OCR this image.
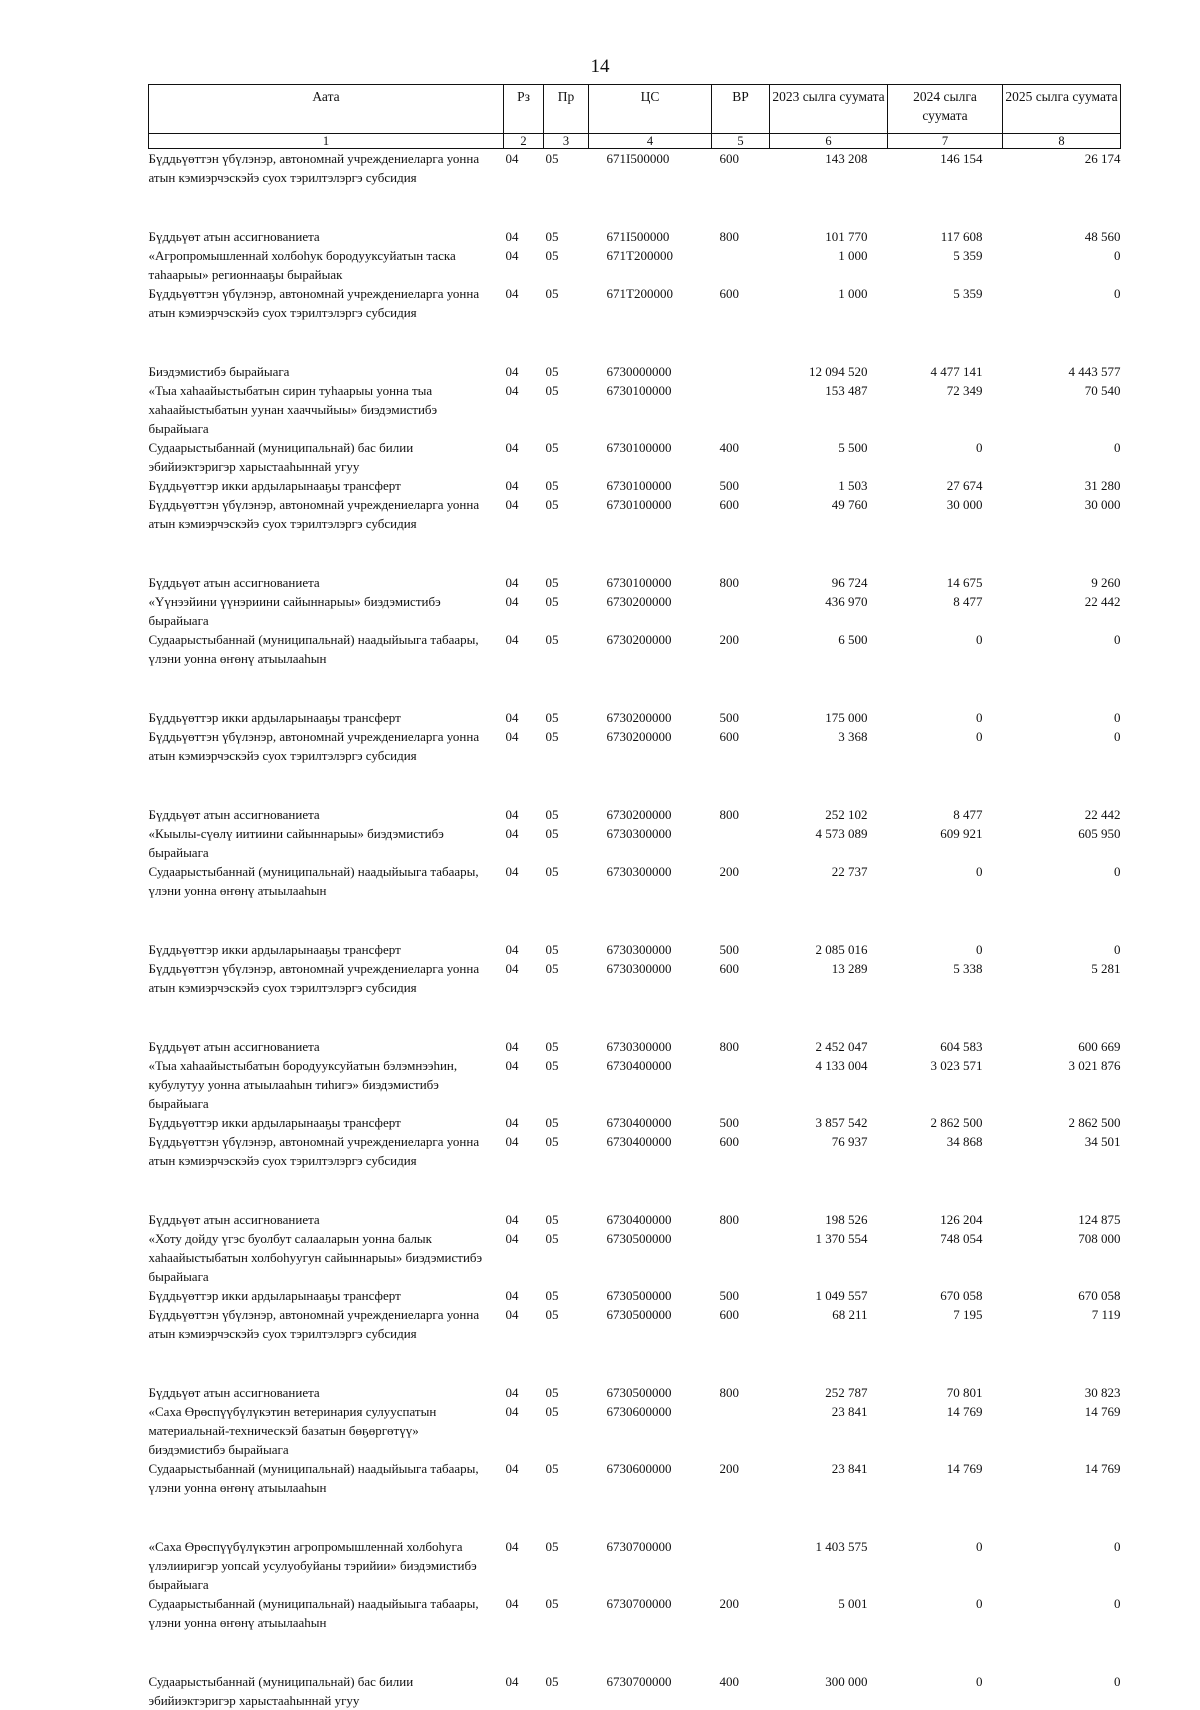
14
Аата	Рз	Пр	ЦС	ВР	2023 сылга суумата	2024 сылга суумата	2025 сылга суумата
1	2	3	4	5	6	7	8
Бүддьүөттэн үбүлэнэр, автономнай учреждениеларга уонна атын кэмиэрчэскэйэ суох тэрилтэлэргэ субсидия	04	05	671I500000	600	143 208	146 154	26 174

Бүддьүөт атын ассигнованиета	04	05	671I500000	800	101 770	117 608	48 560
«Агропромышленнай холбоһук бородууксуйатын таска таһаарыы» регионнааҕы бырайыак	04	05	671T200000		1 000	5 359	0
Бүддьүөттэн үбүлэнэр, автономнай учреждениеларга уонна атын кэмиэрчэскэйэ суох тэрилтэлэргэ субсидия	04	05	671T200000	600	1 000	5 359	0

Биэдэмистибэ бырайыага	04	05	6730000000		12 094 520	4 477 141	4 443 577
«Тыа хаһаайыстыбатын сирин туһаарыы уонна тыа хаһаайыстыбатын уунан хааччыйыы» биэдэмистибэ бырайыага	04	05	6730100000		153 487	72 349	70 540
Судаарыстыбаннай (муниципальнай) бас билии эбийиэктэригэр харыстааһыннай угуу	04	05	6730100000	400	5 500	0	0
Бүддьүөттэр икки ардыларынааҕы трансферт	04	05	6730100000	500	1 503	27 674	31 280
Бүддьүөттэн үбүлэнэр, автономнай учреждениеларга уонна атын кэмиэрчэскэйэ суох тэрилтэлэргэ субсидия	04	05	6730100000	600	49 760	30 000	30 000

Бүддьүөт атын ассигнованиета	04	05	6730100000	800	96 724	14 675	9 260
«Үүнээйини үүнэриини сайыннарыы» биэдэмистибэ бырайыага	04	05	6730200000		436 970	8 477	22 442
Судаарыстыбаннай (муниципальнай) наадыйыыга табаары, үлэни уонна өҥөнү атыылааһын	04	05	6730200000	200	6 500	0	0

Бүддьүөттэр икки ардыларынааҕы трансферт	04	05	6730200000	500	175 000	0	0
Бүддьүөттэн үбүлэнэр, автономнай учреждениеларга уонна атын кэмиэрчэскэйэ суох тэрилтэлэргэ субсидия	04	05	6730200000	600	3 368	0	0

Бүддьүөт атын ассигнованиета	04	05	6730200000	800	252 102	8 477	22 442
«Кыылы-сүөлү иитиини сайыннарыы» биэдэмистибэ бырайыага	04	05	6730300000		4 573 089	609 921	605 950
Судаарыстыбаннай (муниципальнай) наадыйыыга табаары, үлэни уонна өҥөнү атыылааһын	04	05	6730300000	200	22 737	0	0

Бүддьүөттэр икки ардыларынааҕы трансферт	04	05	6730300000	500	2 085 016	0	0
Бүддьүөттэн үбүлэнэр, автономнай учреждениеларга уонна атын кэмиэрчэскэйэ суох тэрилтэлэргэ субсидия	04	05	6730300000	600	13 289	5 338	5 281

Бүддьүөт атын ассигнованиета	04	05	6730300000	800	2 452 047	604 583	600 669
«Тыа хаһаайыстыбатын бородууксуйатын бэлэмнээһин, кубулутуу уонна атыылааһын тиһигэ» биэдэмистибэ бырайыага	04	05	6730400000		4 133 004	3 023 571	3 021 876
Бүддьүөттэр икки ардыларынааҕы трансферт	04	05	6730400000	500	3 857 542	2 862 500	2 862 500
Бүддьүөттэн үбүлэнэр, автономнай учреждениеларга уонна атын кэмиэрчэскэйэ суох тэрилтэлэргэ субсидия	04	05	6730400000	600	76 937	34 868	34 501

Бүддьүөт атын ассигнованиета	04	05	6730400000	800	198 526	126 204	124 875
«Хоту дойду үгэс буолбут салааларын уонна балык хаһаайыстыбатын холбоһуугун сайыннарыы» биэдэмистибэ бырайыага	04	05	6730500000		1 370 554	748 054	708 000
Бүддьүөттэр икки ардыларынааҕы трансферт	04	05	6730500000	500	1 049 557	670 058	670 058
Бүддьүөттэн үбүлэнэр, автономнай учреждениеларга уонна атын кэмиэрчэскэйэ суох тэрилтэлэргэ субсидия	04	05	6730500000	600	68 211	7 195	7 119

Бүддьүөт атын ассигнованиета	04	05	6730500000	800	252 787	70 801	30 823
«Саха Өрөспүүбүлүкэтин ветеринария сулууспатын материальнай-техническэй базатын бөҕөргөтүү» биэдэмистибэ бырайыага	04	05	6730600000		23 841	14 769	14 769
Судаарыстыбаннай (муниципальнай) наадыйыыга табаары, үлэни уонна өҥөнү атыылааһын	04	05	6730600000	200	23 841	14 769	14 769

«Саха Өрөспүүбүлүкэтин агропромышленнай холбоһуга үлэлииригэр уопсай усулуобуйаны тэрийии» биэдэмистибэ бырайыага	04	05	6730700000		1 403 575	0	0
Судаарыстыбаннай (муниципальнай) наадыйыыга табаары, үлэни уонна өҥөнү атыылааһын	04	05	6730700000	200	5 001	0	0

Судаарыстыбаннай (муниципальнай) бас билии эбийиэктэригэр харыстааһыннай угуу	04	05	6730700000	400	300 000	0	0
